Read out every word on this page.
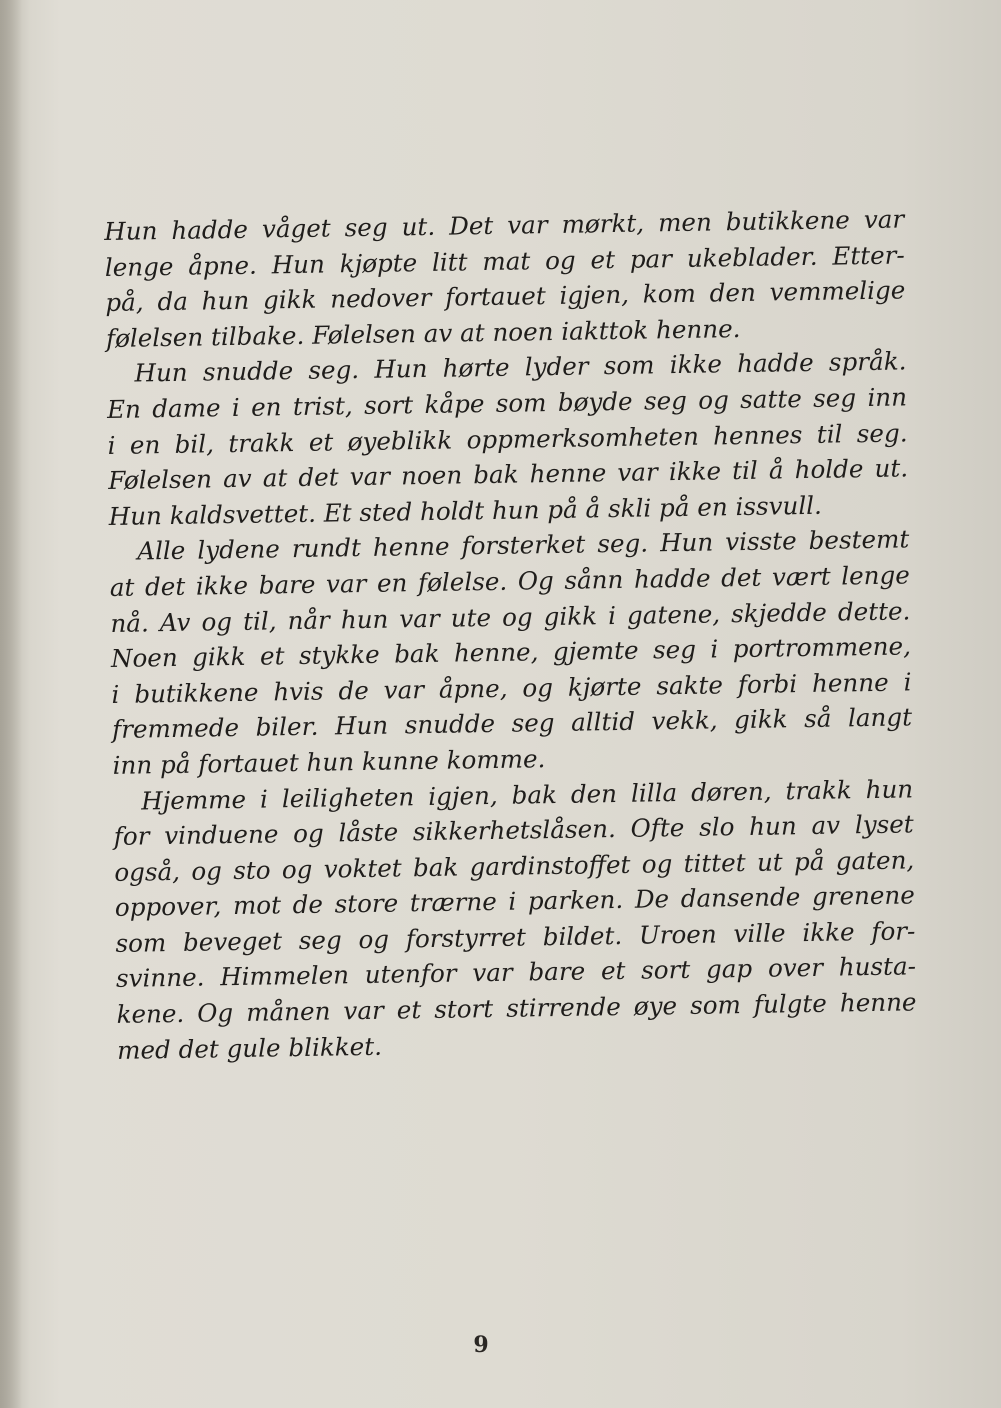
Hun hadde våget seg ut. Det var mørkt, men butikkene var
lenge åpne. Hun kjøpte litt mat og et par ukeblader. Etter-
på, da hun gikk nedover fortauet igjen, kom den vemmelige
følelsen tilbake. Følelsen av at noen iakttok henne.
Hun snudde seg. Hun hørte lyder som ikke hadde språk.
En dame i en trist, sort kåpe som bøyde seg og satte seg inn
i en bil, trakk et øyeblikk oppmerksomheten hennes til seg.
Følelsen av at det var noen bak henne var ikke til å holde ut.
Hun kaldsvettet. Et sted holdt hun på å skli på en issvull.
Alle lydene rundt henne forsterket seg. Hun visste bestemt
at det ikke bare var en følelse. Og sånn hadde det vært lenge
nå. Av og til, når hun var ute og gikk i gatene, skjedde dette.
Noen gikk et stykke bak henne, gjemte seg i portrommene,
i butikkene hvis de var åpne, og kjørte sakte forbi henne i
fremmede biler. Hun snudde seg alltid vekk, gikk så langt
inn på fortauet hun kunne komme.
Hjemme i leiligheten igjen, bak den lilla døren, trakk hun
for vinduene og låste sikkerhetslåsen. Ofte slo hun av lyset
også, og sto og voktet bak gardinstoffet og tittet ut på gaten,
oppover, mot de store trærne i parken. De dansende grenene
som beveget seg og forstyrret bildet. Uroen ville ikke for-
svinne. Himmelen utenfor var bare et sort gap over husta-
kene. Og månen var et stort stirrende øye som fulgte henne
med det gule blikket.
9
